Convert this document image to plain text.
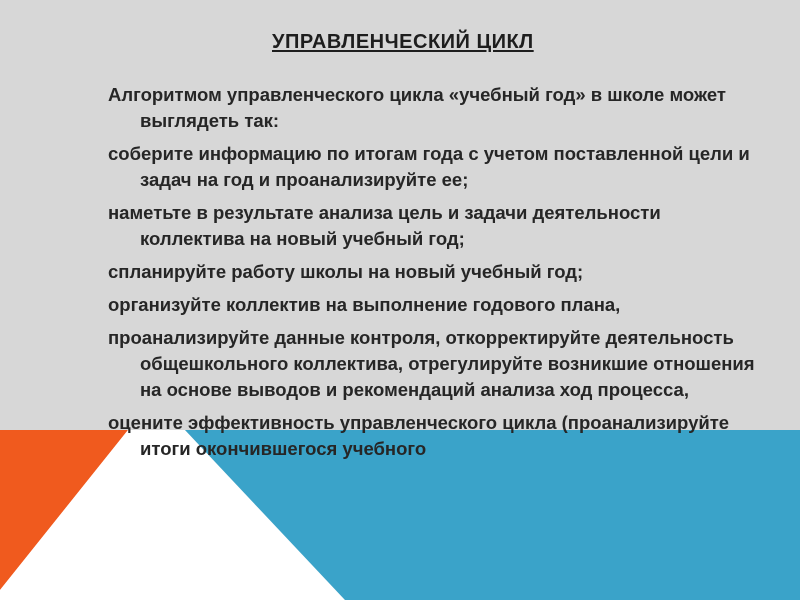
УПРАВЛЕНЧЕСКИЙ ЦИКЛ
Алгоритмом управленческого цикла «учебный год» в школе может выглядеть так:
соберите информацию по итогам года с учетом поставленной цели и задач на год и проанализируйте ее;
наметьте в результате анализа цель и задачи деятельности коллектива на новый учебный год;
спланируйте работу школы на новый учебный год;
организуйте коллектив на выполнение годового плана,
проанализируйте данные контроля, откорректируйте деятельность общешкольного коллектива, отрегулируйте возникшие отношения на основе выводов и рекомендаций анализа ход процесса,
оцените эффективность управленческого цикла (проанализируйте итоги окончившегося учебного
